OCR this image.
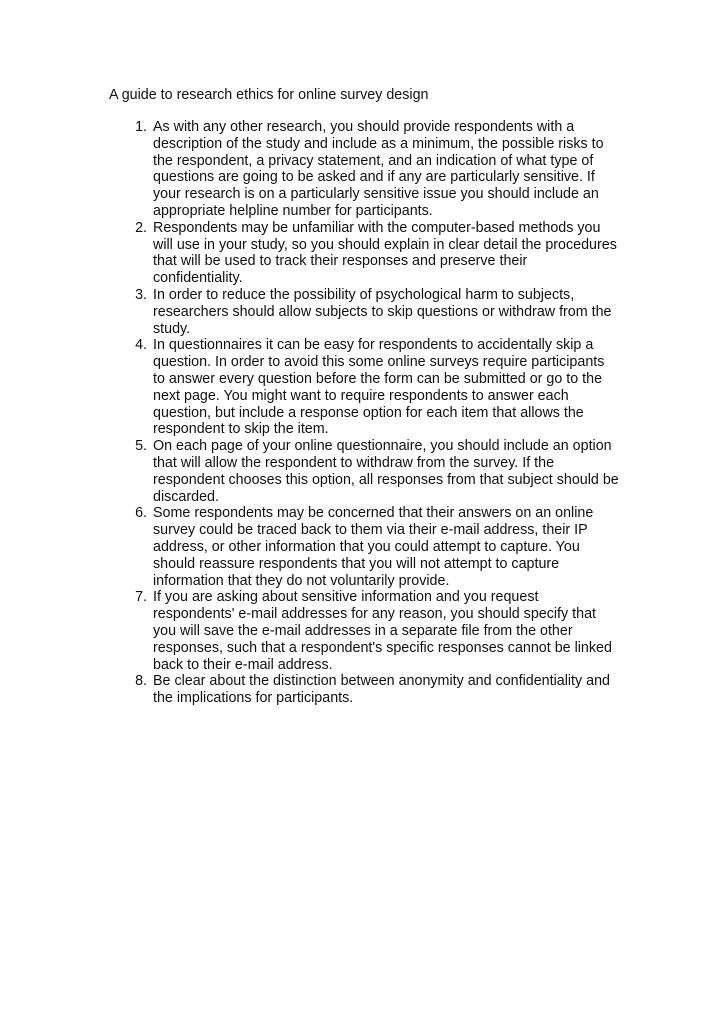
A guide to research ethics for online survey design
1. As with any other research, you should provide respondents with a description of the study and include as a minimum, the possible risks to the respondent, a privacy statement, and an indication of what type of questions are going to be asked and if any are particularly sensitive. If your research is on a particularly sensitive issue you should include an appropriate helpline number for participants.
2. Respondents may be unfamiliar with the computer-based methods you will use in your study, so you should explain in clear detail the procedures that will be used to track their responses and preserve their confidentiality.
3. In order to reduce the possibility of psychological harm to subjects, researchers should allow subjects to skip questions or withdraw from the study.
4. In questionnaires it can be easy for respondents to accidentally skip a question. In order to avoid this some online surveys require participants to answer every question before the form can be submitted or go to the next page. You might want to require respondents to answer each question, but include a response option for each item that allows the respondent to skip the item.
5. On each page of your online questionnaire, you should include an option that will allow the respondent to withdraw from the survey. If the respondent chooses this option, all responses from that subject should be discarded.
6. Some respondents may be concerned that their answers on an online survey could be traced back to them via their e-mail address, their IP address, or other information that you could attempt to capture. You should reassure respondents that you will not attempt to capture information that they do not voluntarily provide.
7. If you are asking about sensitive information and you request respondents' e-mail addresses for any reason, you should specify that you will save the e-mail addresses in a separate file from the other responses, such that a respondent's specific responses cannot be linked back to their e-mail address.
8. Be clear about the distinction between anonymity and confidentiality and the implications for participants.
